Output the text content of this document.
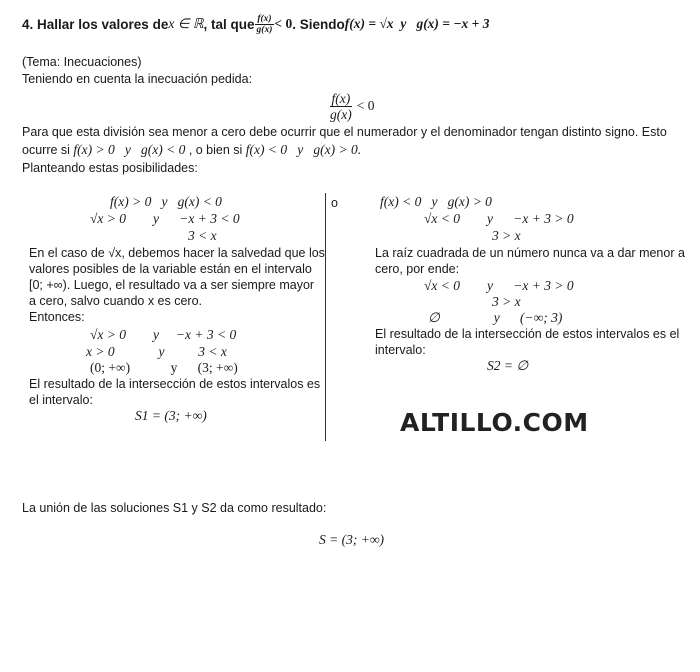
4. Hallar los valores de x ∈ ℝ , tal que $\frac{f(x)}{g(x)} < 0$ . Siendo f(x) = √x y g(x) = −x + 3
(Tema: Inecuaciones)
Teniendo en cuenta la inecuación pedida:
$\frac{f(x)}{g(x)} < 0$
Para que esta división sea menor a cero debe ocurrir que el numerador y el denominador tengan distinto signo. Esto
ocurre si f(x) > 0   y   g(x) < 0 , o bien si f(x) < 0   y   g(x) > 0.
Planteando estas posibilidades:
f(x) > 0   y   g(x) < 0
√x > 0        y      −x + 3 < 0
3 < x
En el caso de √x, debemos hacer la salvedad que los
valores posibles de la variable están en el intervalo
[0; +∞). Luego, el resultado va a ser siempre mayor
a cero, salvo cuando x es cero.
Entonces:
√x > 0        y     −x + 3 < 0
x > 0             y          3 < x
(0; +∞)            y      (3; +∞)
El resultado de la intersección de estos intervalos es
el intervalo:
S1 = (3; +∞)
o	f(x) < 0   y   g(x) > 0
√x < 0        y      −x + 3 > 0
3 > x
La raíz cuadrada de un número nunca va a dar menor a
cero, por ende:
√x < 0        y      −x + 3 > 0
3 > x
∅                y      (−∞; 3)
El resultado de la intersección de estos intervalos es el
intervalo:
S2 = ∅
ALTILLO.COM
La unión de las soluciones S1 y S2 da como resultado:
S = (3; +∞)
